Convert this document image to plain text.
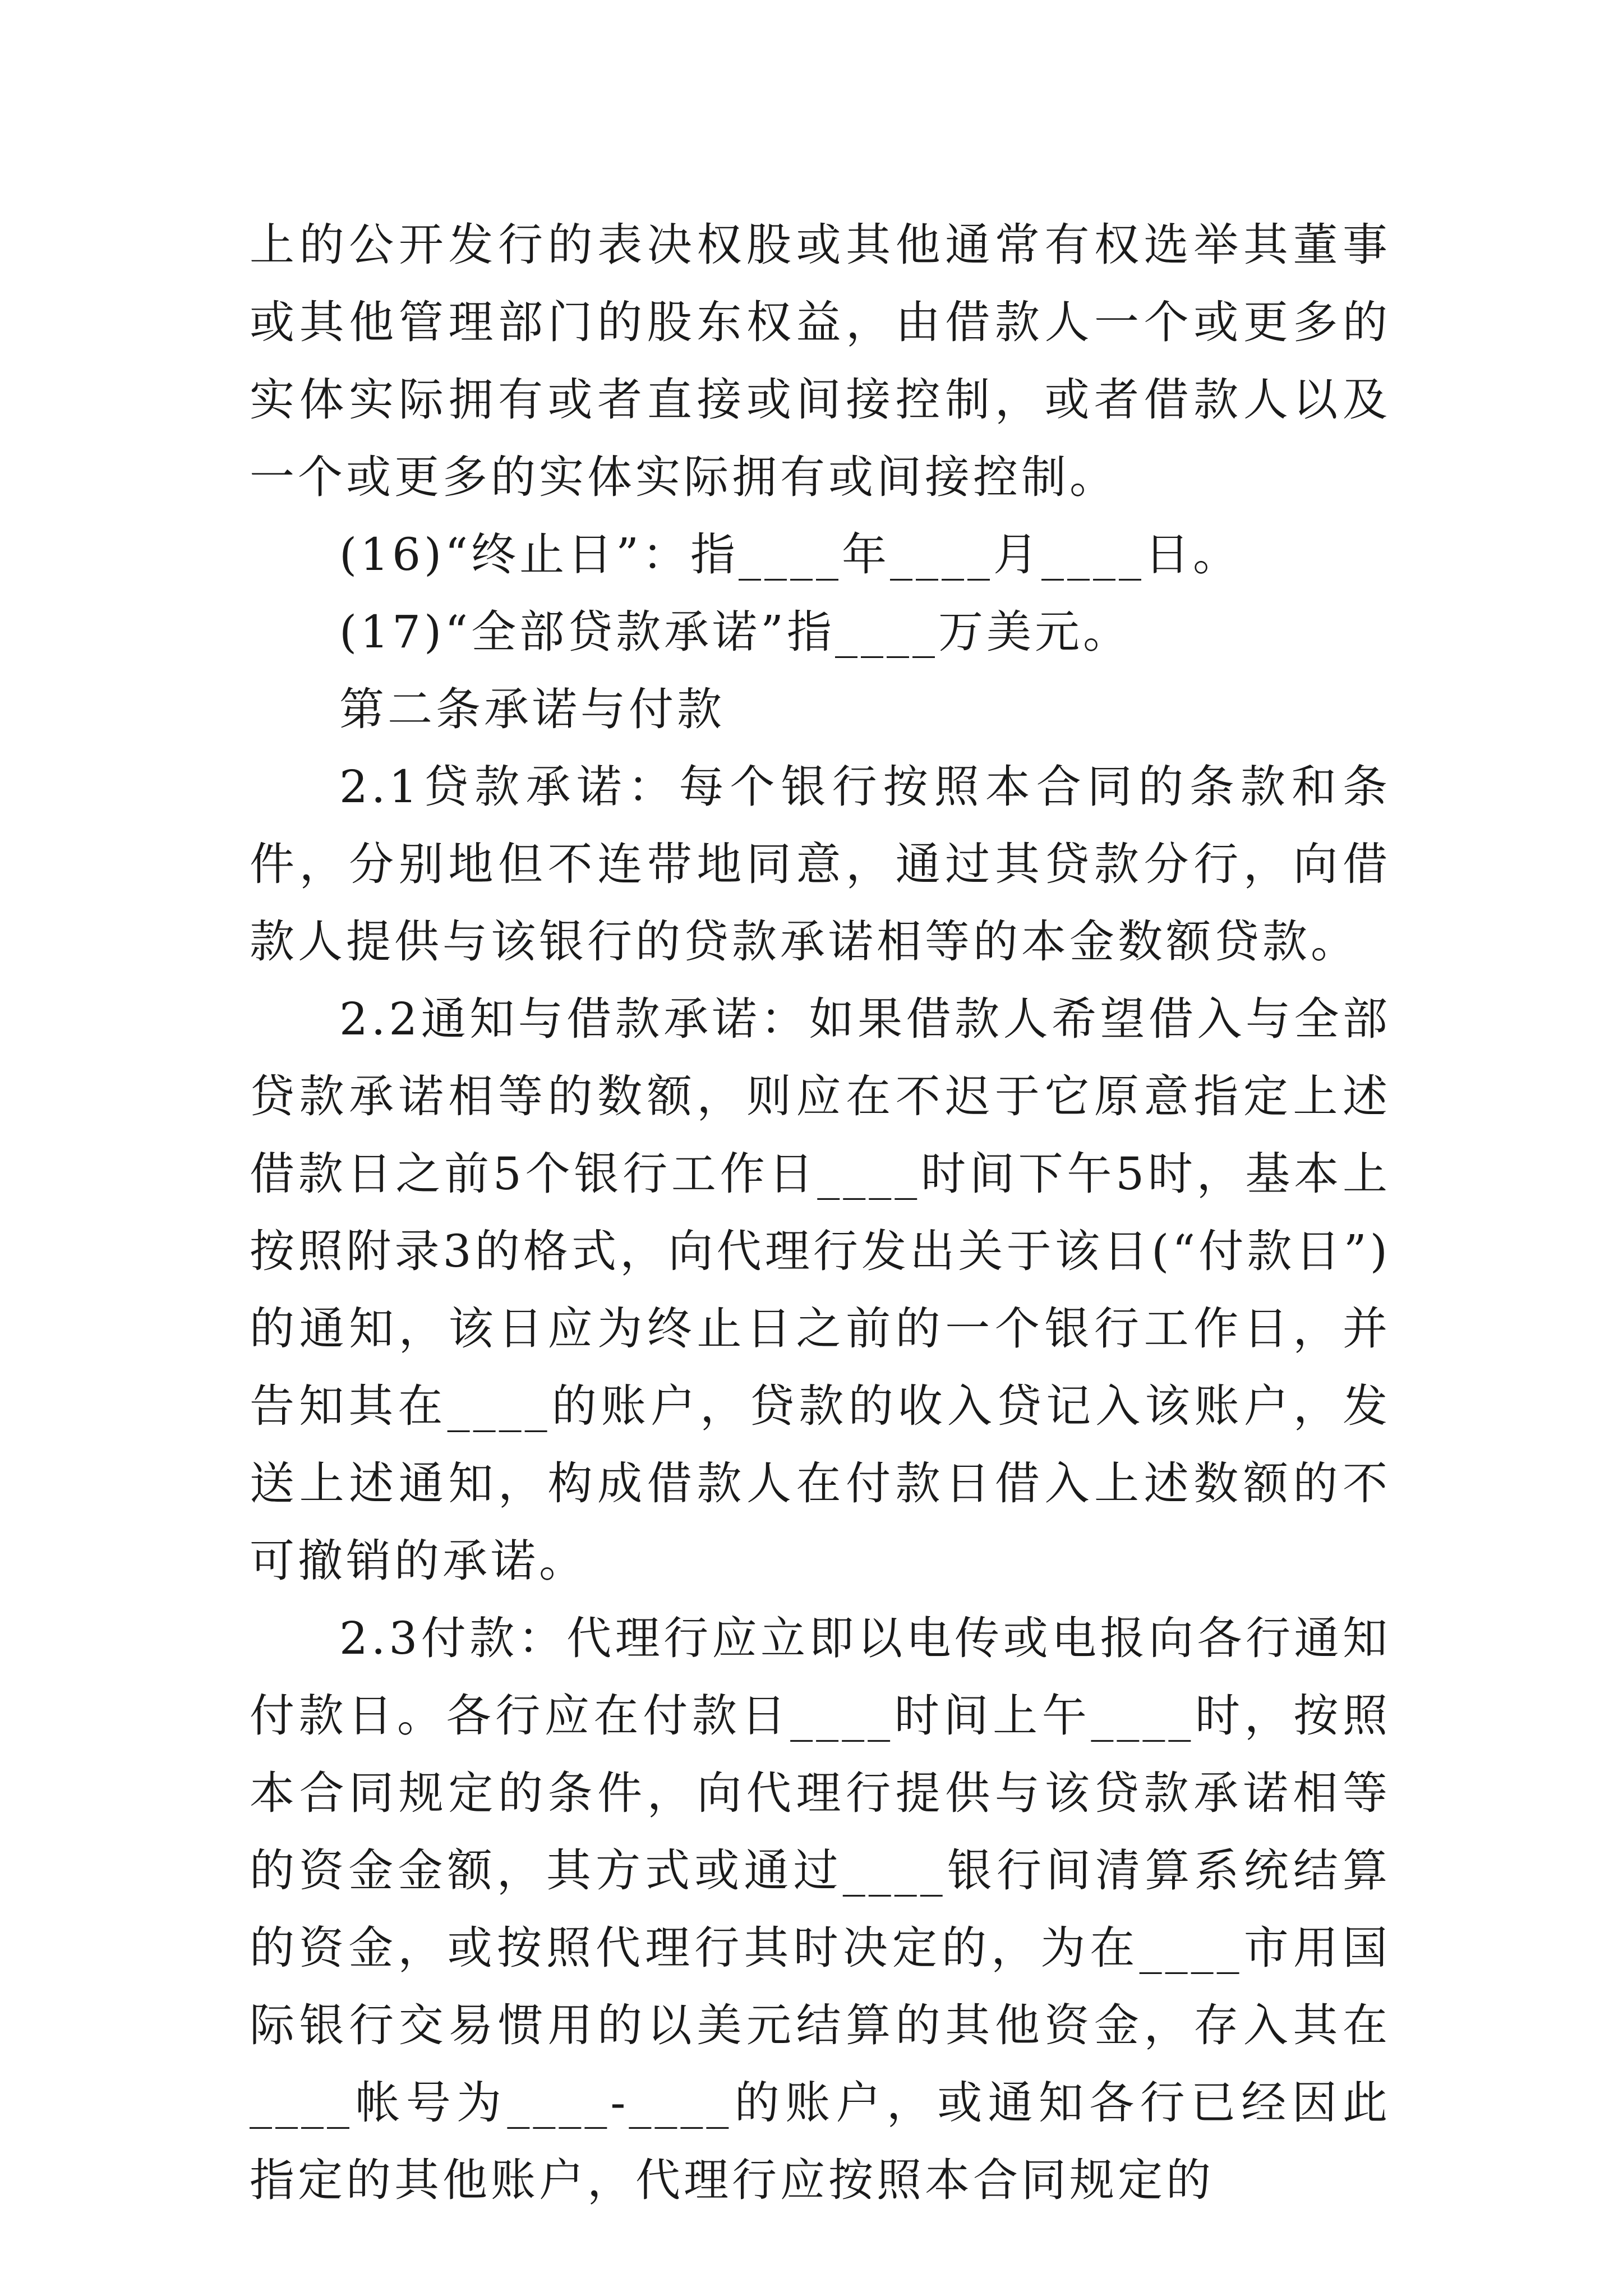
上的公开发行的表决权股或其他通常有权选举其董事或其他管理部门的股东权益，由借款人一个或更多的实体实际拥有或者直接或间接控制，或者借款人以及一个或更多的实体实际拥有或间接控制。

(16)“终止日”：指____年____月____日。

(17)“全部贷款承诺”指____万美元。

第二条承诺与付款

2.1贷款承诺：每个银行按照本合同的条款和条件，分别地但不连带地同意，通过其贷款分行，向借款人提供与该银行的贷款承诺相等的本金数额贷款。

2.2通知与借款承诺：如果借款人希望借入与全部贷款承诺相等的数额，则应在不迟于它原意指定上述借款日之前5个银行工作日____时间下午5时，基本上按照附录3的格式，向代理行发出关于该日(“付款日”)的通知，该日应为终止日之前的一个银行工作日，并告知其在____的账户，贷款的收入贷记入该账户，发送上述通知，构成借款人在付款日借入上述数额的不可撤销的承诺。

2.3付款：代理行应立即以电传或电报向各行通知付款日。各行应在付款日____时间上午____时，按照本合同规定的条件，向代理行提供与该贷款承诺相等的资金金额，其方式或通过____银行间清算系统结算的资金，或按照代理行其时决定的，为在____市用国际银行交易惯用的以美元结算的其他资金，存入其在____帐号为____-____的账户，或通知各行已经因此指定的其他账户，代理行应按照本合同规定的
